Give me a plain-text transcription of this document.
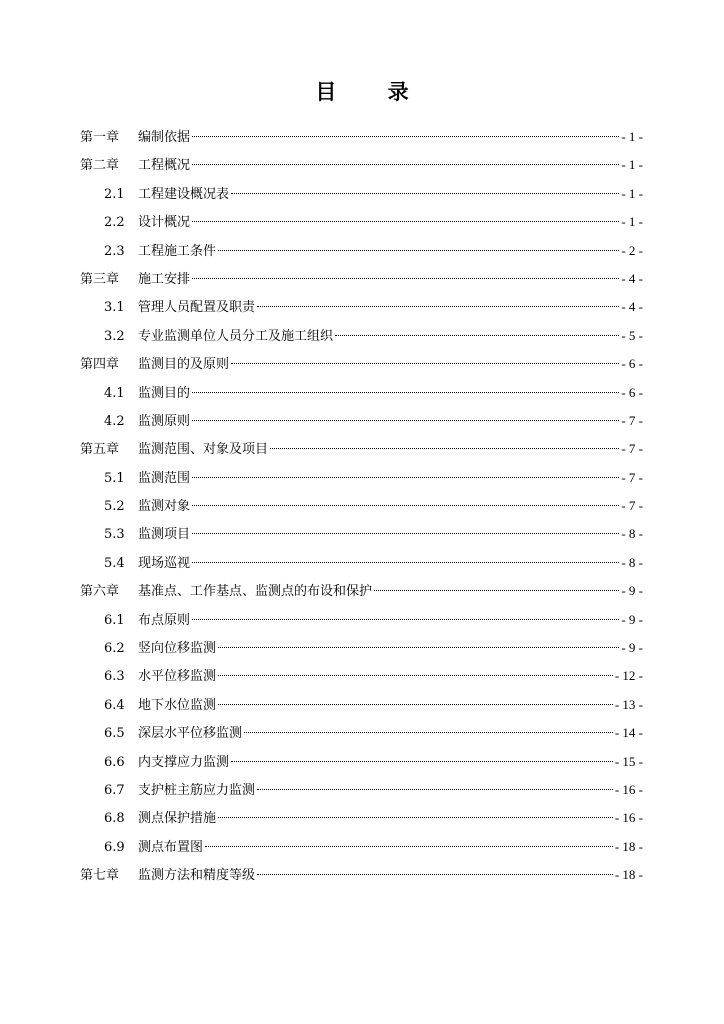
目 录
第一章	编制依据	- 1 -
第二章	工程概况	- 1 -
2.1	工程建设概况表	- 1 -
2.2	设计概况	- 1 -
2.3	工程施工条件	- 2 -
第三章	施工安排	- 4 -
3.1	管理人员配置及职责	- 4 -
3.2	专业监测单位人员分工及施工组织	- 5 -
第四章	监测目的及原则	- 6 -
4.1	监测目的	- 6 -
4.2	监测原则	- 7 -
第五章	监测范围、对象及项目	- 7 -
5.1	监测范围	- 7 -
5.2	监测对象	- 7 -
5.3	监测项目	- 8 -
5.4	现场巡视	- 8 -
第六章	基准点、工作基点、监测点的布设和保护	- 9 -
6.1	布点原则	- 9 -
6.2	竖向位移监测	- 9 -
6.3	水平位移监测	- 12 -
6.4	地下水位监测	- 13 -
6.5	深层水平位移监测	- 14 -
6.6	内支撑应力监测	- 15 -
6.7	支护桩主筋应力监测	- 16 -
6.8	测点保护措施	- 16 -
6.9	测点布置图	- 18 -
第七章	监测方法和精度等级	- 18 -
